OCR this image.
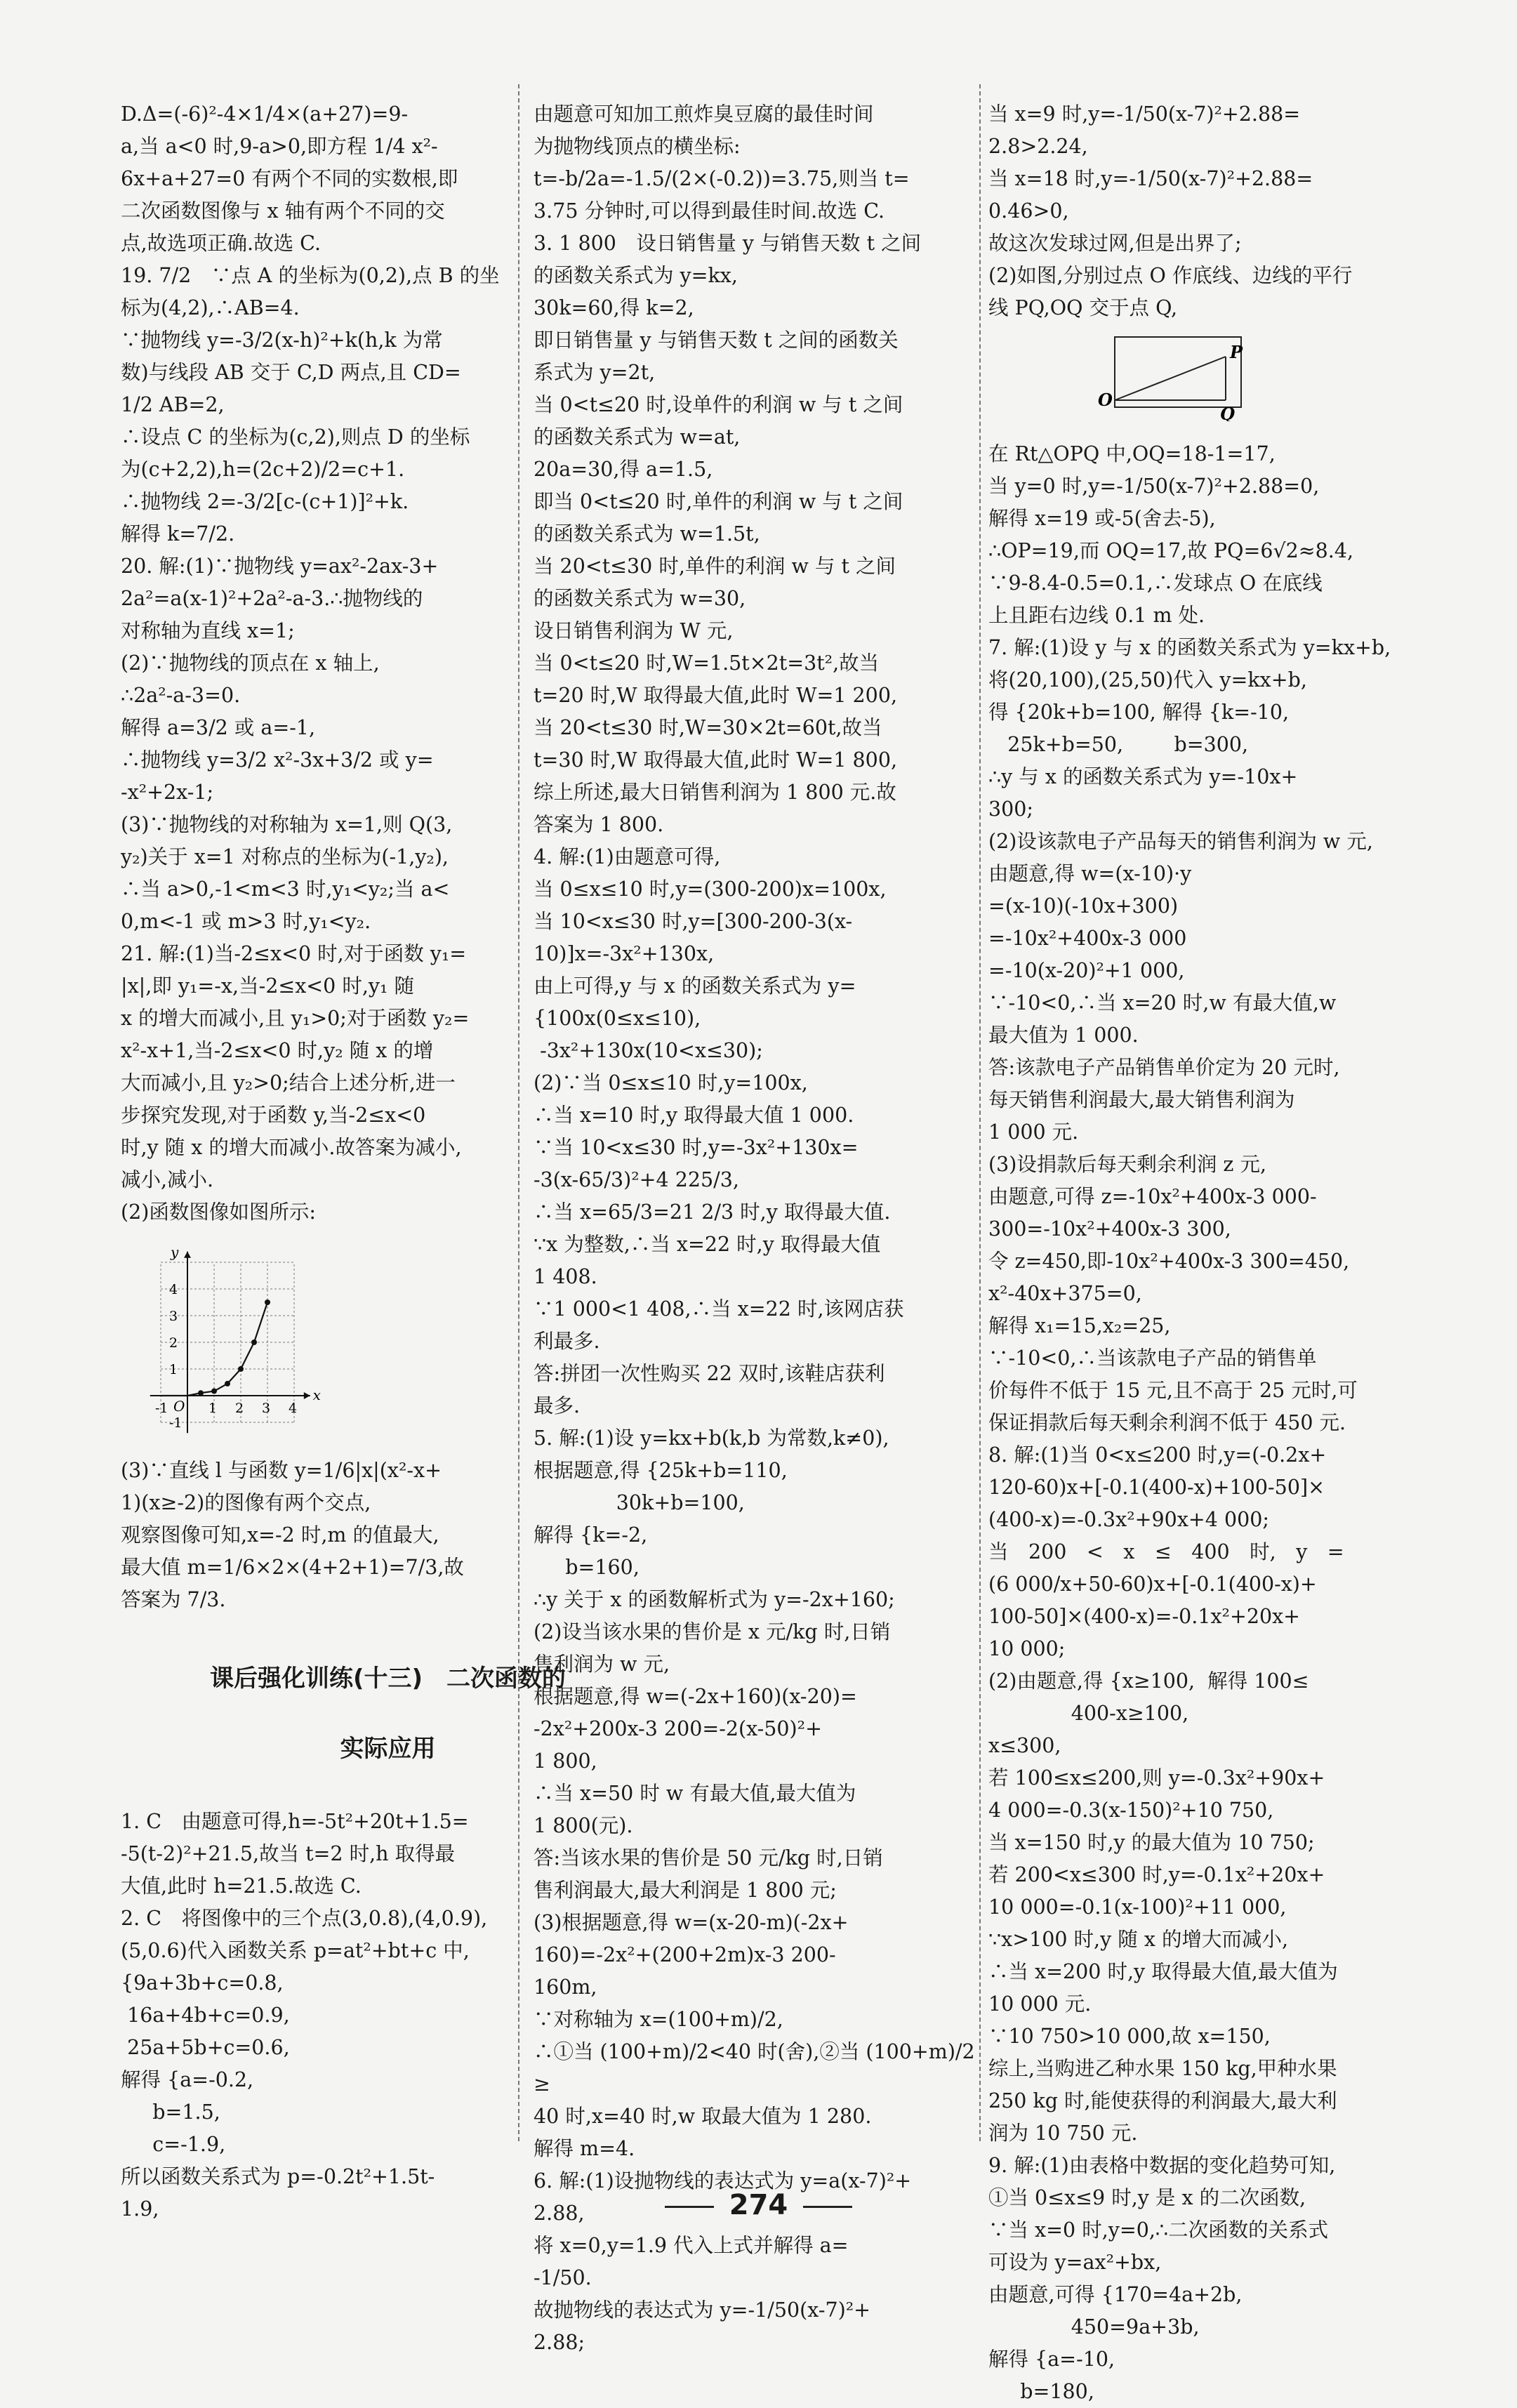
D.Δ=(-6)²-4×1/4×(a+27)=9-

a,当 a<0 时,9-a>0,即方程 1/4 x²-

6x+a+27=0 有两个不同的实数根,即

二次函数图像与 x 轴有两个不同的交

点,故选项正确.故选 C.

19. 7/2　∵点 A 的坐标为(0,2),点 B 的坐

标为(4,2),∴AB=4.

∵抛物线 y=-3/2(x-h)²+k(h,k 为常

数)与线段 AB 交于 C,D 两点,且 CD=

1/2 AB=2,

∴设点 C 的坐标为(c,2),则点 D 的坐标

为(c+2,2),h=(2c+2)/2=c+1.

∴抛物线 2=-3/2[c-(c+1)]²+k.

解得 k=7/2.

20. 解:(1)∵抛物线 y=ax²-2ax-3+

2a²=a(x-1)²+2a²-a-3.∴抛物线的

对称轴为直线 x=1;

(2)∵抛物线的顶点在 x 轴上,

∴2a²-a-3=0.

解得 a=3/2 或 a=-1,

∴抛物线 y=3/2 x²-3x+3/2 或 y=

-x²+2x-1;

(3)∵抛物线的对称轴为 x=1,则 Q(3,

y₂)关于 x=1 对称点的坐标为(-1,y₂),

∴当 a>0,-1<m<3 时,y₁<y₂;当 a<

0,m<-1 或 m>3 时,y₁<y₂.

21. 解:(1)当-2≤x<0 时,对于函数 y₁=

|x|,即 y₁=-x,当-2≤x<0 时,y₁ 随

x 的增大而减小,且 y₁>0;对于函数 y₂=

x²-x+1,当-2≤x<0 时,y₂ 随 x 的增

大而减小,且 y₂>0;结合上述分析,进一

步探究发现,对于函数 y,当-2≤x<0

时,y 随 x 的增大而减小.故答案为减小,

减小,减小.

(2)函数图像如图所示:

x
y
O
-1	1 2 3 4
4
3
2
1
-1

(3)∵直线 l 与函数 y=1/6|x|(x²-x+

1)(x≥-2)的图像有两个交点,

观察图像可知,x=-2 时,m 的值最大,

最大值 m=1/6×2×(4+2+1)=7/3,故

答案为 7/3.

课后强化训练(十三)　二次函数的

实际应用

1. C　由题意可得,h=-5t²+20t+1.5=

-5(t-2)²+21.5,故当 t=2 时,h 取得最

大值,此时 h=21.5.故选 C.

2. C　将图像中的三个点(3,0.8),(4,0.9),

(5,0.6)代入函数关系 p=at²+bt+c 中,

{9a+3b+c=0.8,

16a+4b+c=0.9,

25a+5b+c=0.6,

解得 {a=-0.2,

b=1.5,

c=-1.9,

所以函数关系式为 p=-0.2t²+1.5t-

1.9,

由题意可知加工煎炸臭豆腐的最佳时间

为抛物线顶点的横坐标:

t=-b/2a=-1.5/(2×(-0.2))=3.75,则当 t=

3.75 分钟时,可以得到最佳时间.故选 C.

3. 1 800　设日销售量 y 与销售天数 t 之间

的函数关系式为 y=kx,

30k=60,得 k=2,

即日销售量 y 与销售天数 t 之间的函数关

系式为 y=2t,

当 0<t≤20 时,设单件的利润 w 与 t 之间

的函数关系式为 w=at,

20a=30,得 a=1.5,

即当 0<t≤20 时,单件的利润 w 与 t 之间

的函数关系式为 w=1.5t,

当 20<t≤30 时,单件的利润 w 与 t 之间

的函数关系式为 w=30,

设日销售利润为 W 元,

当 0<t≤20 时,W=1.5t×2t=3t²,故当

t=20 时,W 取得最大值,此时 W=1 200,

当 20<t≤30 时,W=30×2t=60t,故当

t=30 时,W 取得最大值,此时 W=1 800,

综上所述,最大日销售利润为 1 800 元.故

答案为 1 800.

4. 解:(1)由题意可得,

当 0≤x≤10 时,y=(300-200)x=100x,

当 10<x≤30 时,y=[300-200-3(x-

10)]x=-3x²+130x,

由上可得,y 与 x 的函数关系式为 y=

{100x(0≤x≤10),

-3x²+130x(10<x≤30);

(2)∵当 0≤x≤10 时,y=100x,

∴当 x=10 时,y 取得最大值 1 000.

∵当 10<x≤30 时,y=-3x²+130x=

-3(x-65/3)²+4 225/3,

∴当 x=65/3=21 2/3 时,y 取得最大值.

∵x 为整数,∴当 x=22 时,y 取得最大值

1 408.

∵1 000<1 408,∴当 x=22 时,该网店获

利最多.

答:拼团一次性购买 22 双时,该鞋店获利

最多.

5. 解:(1)设 y=kx+b(k,b 为常数,k≠0),

根据题意,得 {25k+b=110,

30k+b=100,

解得 {k=-2,

b=160,

∴y 关于 x 的函数解析式为 y=-2x+160;

(2)设当该水果的售价是 x 元/kg 时,日销

售利润为 w 元,

根据题意,得 w=(-2x+160)(x-20)=

-2x²+200x-3 200=-2(x-50)²+

1 800,

∴当 x=50 时 w 有最大值,最大值为

1 800(元).

答:当该水果的售价是 50 元/kg 时,日销

售利润最大,最大利润是 1 800 元;

(3)根据题意,得 w=(x-20-m)(-2x+

160)=-2x²+(200+2m)x-3 200-

160m,

∵对称轴为 x=(100+m)/2,

∴①当 (100+m)/2<40 时(舍),②当 (100+m)/2≥

40 时,x=40 时,w 取最大值为 1 280.

解得 m=4.

6. 解:(1)设抛物线的表达式为 y=a(x-7)²+

2.88,

将 x=0,y=1.9 代入上式并解得 a=

-1/50.

故抛物线的表达式为 y=-1/50(x-7)²+

2.88;

当 x=9 时,y=-1/50(x-7)²+2.88=

2.8>2.24,

当 x=18 时,y=-1/50(x-7)²+2.88=

0.46>0,

故这次发球过网,但是出界了;

(2)如图,分别过点 O 作底线、边线的平行

线 PQ,OQ 交于点 Q,

O
P
Q

在 Rt△OPQ 中,OQ=18-1=17,

当 y=0 时,y=-1/50(x-7)²+2.88=0,

解得 x=19 或-5(舍去-5),

∴OP=19,而 OQ=17,故 PQ=6√2≈8.4,

∵9-8.4-0.5=0.1,∴发球点 O 在底线

上且距右边线 0.1 m 处.

7. 解:(1)设 y 与 x 的函数关系式为 y=kx+b,

将(20,100),(25,50)代入 y=kx+b,

得 {20k+b=100, 解得 {k=-10,

25k+b=50,        b=300,

∴y 与 x 的函数关系式为 y=-10x+

300;

(2)设该款电子产品每天的销售利润为 w 元,

由题意,得 w=(x-10)·y

=(x-10)(-10x+300)

=-10x²+400x-3 000

=-10(x-20)²+1 000,

∵-10<0,∴当 x=20 时,w 有最大值,w

最大值为 1 000.

答:该款电子产品销售单价定为 20 元时,

每天销售利润最大,最大销售利润为

1 000 元.

(3)设捐款后每天剩余利润 z 元,

由题意,可得 z=-10x²+400x-3 000-

300=-10x²+400x-3 300,

令 z=450,即-10x²+400x-3 300=450,

x²-40x+375=0,

解得 x₁=15,x₂=25,

∵-10<0,∴当该款电子产品的销售单

价每件不低于 15 元,且不高于 25 元时,可

保证捐款后每天剩余利润不低于 450 元.

8. 解:(1)当 0<x≤200 时,y=(-0.2x+

120-60)x+[-0.1(400-x)+100-50]×

(400-x)=-0.3x²+90x+4 000;

当　200　<　x　≤　400　时,　y　=

(6 000/x+50-60)x+[-0.1(400-x)+

100-50]×(400-x)=-0.1x²+20x+

10 000;

(2)由题意,得 {x≥100,  解得 100≤

400-x≥100,

x≤300,

若 100≤x≤200,则 y=-0.3x²+90x+

4 000=-0.3(x-150)²+10 750,

当 x=150 时,y 的最大值为 10 750;

若 200<x≤300 时,y=-0.1x²+20x+

10 000=-0.1(x-100)²+11 000,

∵x>100 时,y 随 x 的增大而减小,

∴当 x=200 时,y 取得最大值,最大值为

10 000 元.

∵10 750>10 000,故 x=150,

综上,当购进乙种水果 150 kg,甲种水果

250 kg 时,能使获得的利润最大,最大利

润为 10 750 元.

9. 解:(1)由表格中数据的变化趋势可知,

①当 0≤x≤9 时,y 是 x 的二次函数,

∵当 x=0 时,y=0,∴二次函数的关系式

可设为 y=ax²+bx,

由题意,可得 {170=4a+2b,

450=9a+3b,

解得 {a=-10,

b=180,

274
